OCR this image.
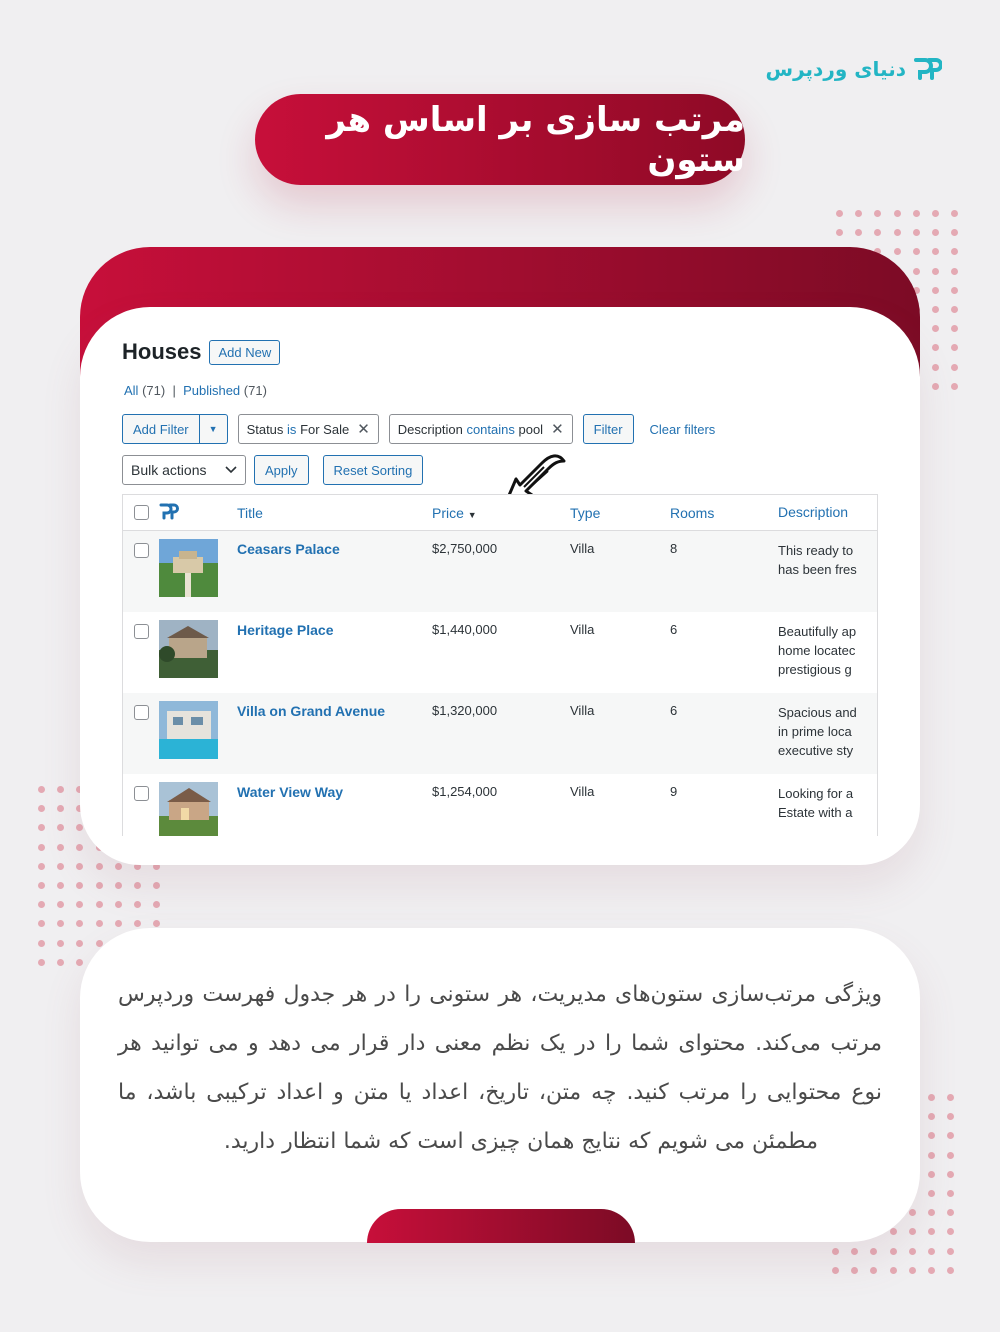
دنیای وردپرس
مرتب سازی بر اساس هر ستون
Houses	Add New
All (71) | Published (71)
Add Filter	▼ Status is For Sale ✕ Description contains pool ✕	Filter	Clear filters
Bulk actions	Apply	Reset Sorting
Title	Price ▼	Type	Rooms	Description
Ceasars Palace	$2,750,000	Villa	8	This ready to
has been fres
Heritage Place	$1,440,000	Villa	6	Beautifully ap
home locatec
prestigious g
Villa on Grand Avenue	$1,320,000	Villa	6	Spacious and
in prime loca
executive sty
Water View Way	$1,254,000	Villa	9	Looking for a
Estate with a
ویژگی مرتب‌سازی ستون‌های مدیریت، هر ستونی را در هر جدول فهرست وردپرس
مرتب می‌کند. محتوای شما را در یک نظم معنی دار قرار می دهد و می توانید هر
نوع محتوایی را مرتب کنید. چه متن، تاریخ، اعداد یا متن و اعداد ترکیبی باشد، ما
مطمئن می شویم که نتایج همان چیزی است که شما انتظار دارید.
